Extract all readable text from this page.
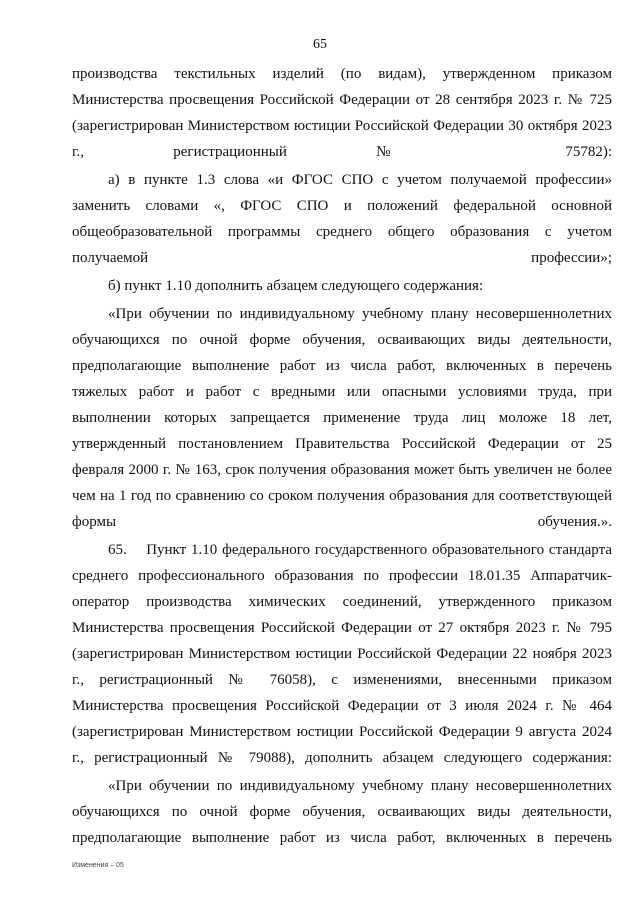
65

производства текстильных изделий (по видам), утвержденном приказом Министерства просвещения Российской Федерации от 28 сентября 2023 г. № 725 (зарегистрирован Министерством юстиции Российской Федерации 30 октября 2023 г., регистрационный № 75782):

а) в пункте 1.3 слова «и ФГОС СПО с учетом получаемой профессии» заменить словами «, ФГОС СПО и положений федеральной основной общеобразовательной программы среднего общего образования с учетом получаемой профессии»;

б) пункт 1.10 дополнить абзацем следующего содержания:

«При обучении по индивидуальному учебному плану несовершеннолетних обучающихся по очной форме обучения, осваивающих виды деятельности, предполагающие выполнение работ из числа работ, включенных в перечень тяжелых работ и работ с вредными или опасными условиями труда, при выполнении которых запрещается применение труда лиц моложе 18 лет, утвержденный постановлением Правительства Российской Федерации от 25 февраля 2000 г. № 163, срок получения образования может быть увеличен не более чем на 1 год по сравнению со сроком получения образования для соответствующей формы обучения.».

65.    Пункт 1.10 федерального государственного образовательного стандарта среднего профессионального образования по профессии 18.01.35 Аппаратчик-оператор производства химических соединений, утвержденного приказом Министерства просвещения Российской Федерации от 27 октября 2023 г. № 795 (зарегистрирован Министерством юстиции Российской Федерации 22 ноября 2023 г., регистрационный № 76058), с изменениями, внесенными приказом Министерства просвещения Российской Федерации от 3 июля 2024 г. № 464 (зарегистрирован Министерством юстиции Российской Федерации 9 августа 2024 г., регистрационный № 79088), дополнить абзацем следующего содержания:

«При обучении по индивидуальному учебному плану несовершеннолетних обучающихся по очной форме обучения, осваивающих виды деятельности, предполагающие выполнение работ из числа работ, включенных в перечень

Изменения – 05
